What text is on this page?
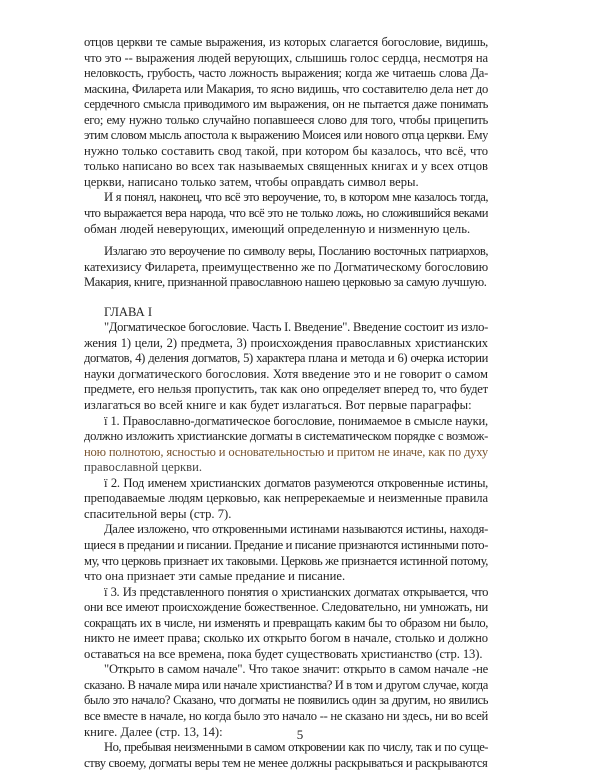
отцов церкви те самые выражения, из которых слагается богословие, видишь,
что это -- выражения людей верующих, слышишь голос сердца, несмотря на
неловкость, грубость, часто ложность выражения; когда же читаешь слова Да-
маскина, Филарета или Макария, то ясно видишь, что составителю дела нет до
сердечного смысла приводимого им выражения, он не пытается даже понимать
его; ему нужно только случайно попавшееся слово для того, чтобы прицепить
этим словом мысль апостола к выражению Моисея или нового отца церкви. Ему
нужно только составить свод такой, при котором бы казалось, что всё, что
только написано во всех так называемых священных книгах и у всех отцов
церкви, написано только затем, чтобы оправдать символ веры.
И я понял, наконец, что всё это вероучение, то, в котором мне казалось тогда,
что выражается вера народа, что всё это не только ложь, но сложившийся веками
обман людей неверующих, имеющий определенную и низменную цель.
Излагаю это вероучение по символу веры, Посланию восточных патриархов,
катехизису Филарета, преимущественно же по Догматическому богословию
Макария, книге, признанной православною нашею церковью за самую лучшую.
ГЛАВА I
"Догматическое богословие. Часть I. Введение". Введение состоит из изло-
жения 1) цели, 2) предмета, 3) происхождения православных христианских
догматов, 4) деления догматов, 5) характера плана и метода и 6) очерка истории
науки догматического богословия. Хотя введение это и не говорит о самом
предмете, его нельзя пропустить, так как оно определяет вперед то, что будет
излагаться во всей книге и как будет излагаться. Вот первые параграфы:
ї 1. Православно-догматическое богословие, понимаемое в смысле науки,
должно изложить христианские догматы в систематическом порядке с возмож-
ною полнотою, ясностью и основательностью и притом не иначе, как по духу
православной церкви.
ї 2. Под именем христианских догматов разумеются откровенные истины,
преподаваемые людям церковью, как непререкаемые и неизменные правила
спасительной веры (стр. 7).
Далее изложено, что откровенными истинами называются истины, находя-
щиеся в предании и писании. Предание и писание признаются истинными пото-
му, что церковь признает их таковыми. Церковь же признается истинной потому,
что она признает эти самые предание и писание.
ї 3. Из представленного понятия о христианских догматах открывается, что
они все имеют происхождение божественное. Следовательно, ни умножать, ни
сокращать их в числе, ни изменять и превращать каким бы то образом ни было,
никто не имеет права; сколько их открыто богом в начале, столько и должно
оставаться на все времена, пока будет существовать христианство (стр. 13).
"Открыто в самом начале". Что такое значит: открыто в самом начале -не
сказано. В начале мира или начале христианства? И в том и другом случае, когда
было это начало? Сказано, что догматы не появились один за другим, но явились
все вместе в начале, но когда было это начало -- не сказано ни здесь, ни во всей
книге. Далее (стр. 13, 14):
Но, пребывая неизменными в самом откровении как по числу, так и по суще-
ству своему, догматы веры тем не менее должны раскрываться и раскрываются
5
